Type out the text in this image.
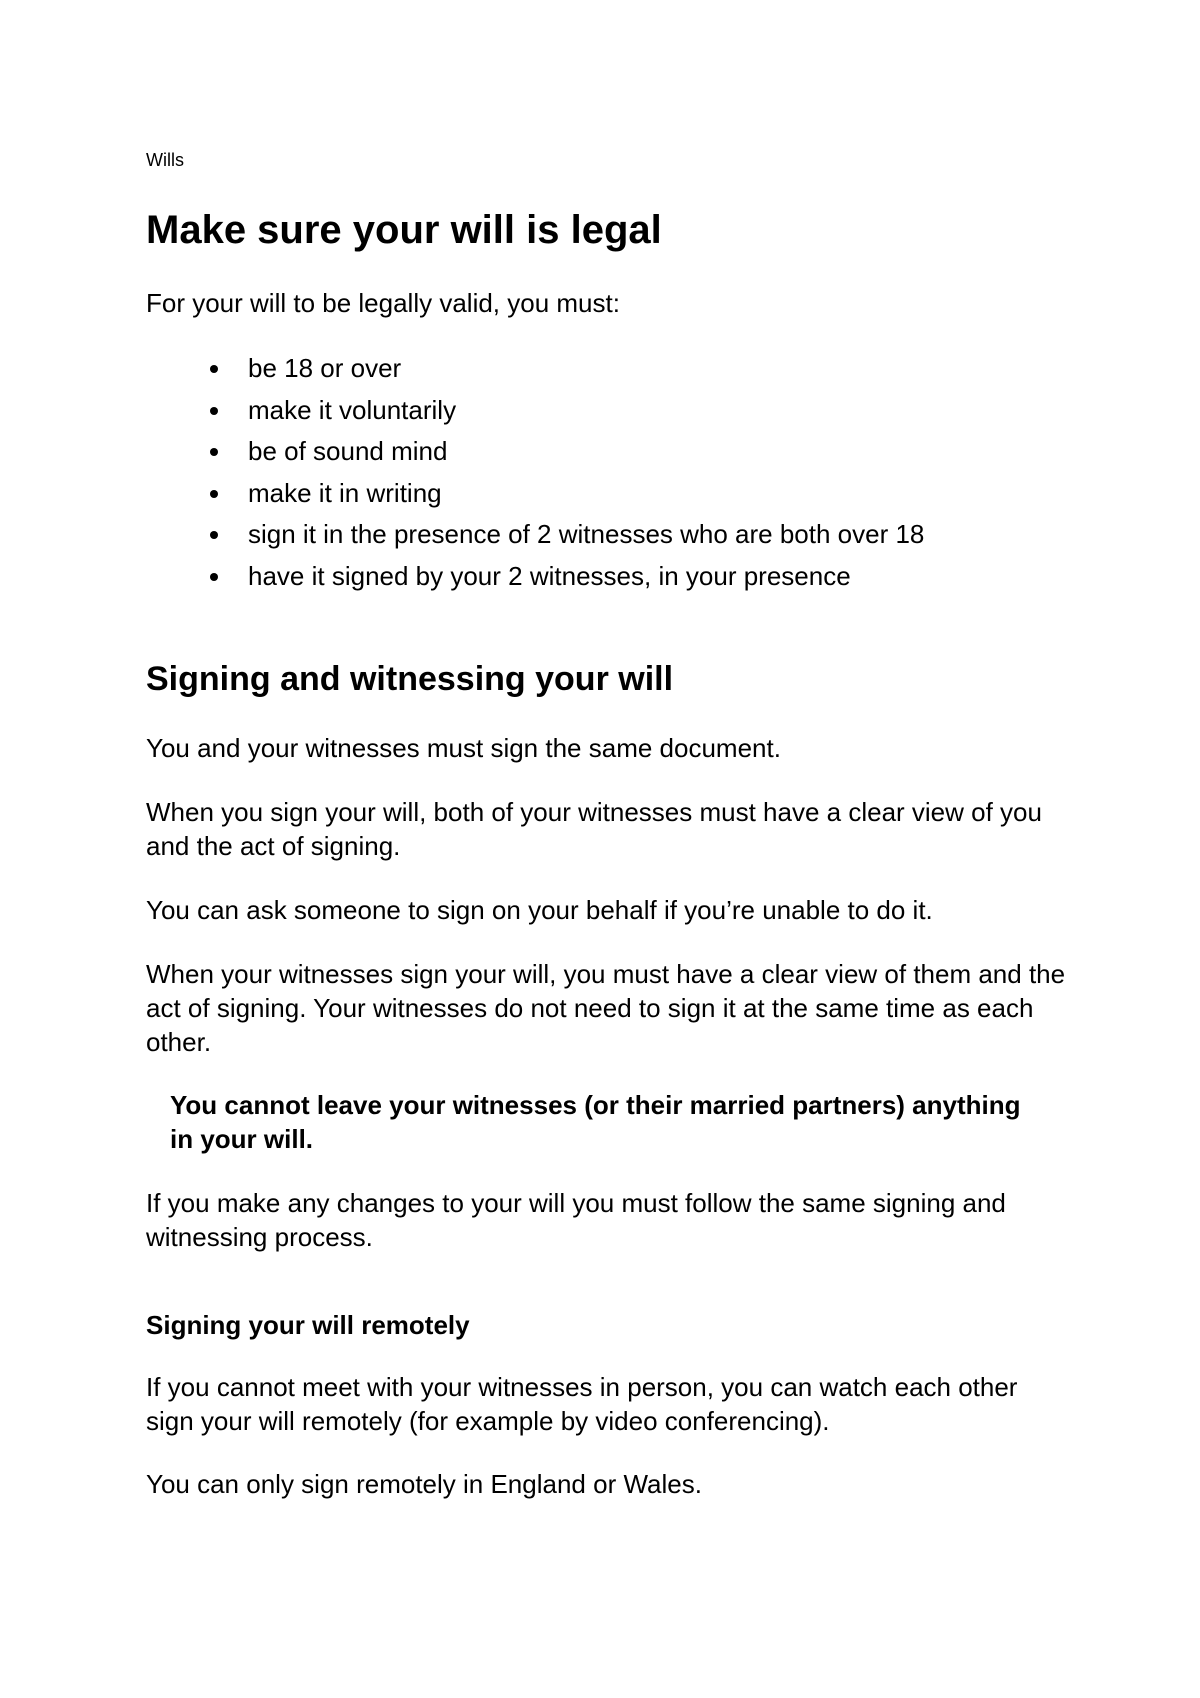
Wills
Make sure your will is legal

For your will to be legally valid, you must:

be 18 or over
make it voluntarily
be of sound mind
make it in writing
sign it in the presence of 2 witnesses who are both over 18
have it signed by your 2 witnesses, in your presence
Signing and witnessing your will

You and your witnesses must sign the same document.

When you sign your will, both of your witnesses must have a clear view of you and the act of signing.

You can ask someone to sign on your behalf if you’re unable to do it.

When your witnesses sign your will, you must have a clear view of them and the act of signing. Your witnesses do not need to sign it at the same time as each other.

You cannot leave your witnesses (or their married partners) anything in your will.

If you make any changes to your will you must follow the same signing and witnessing process.

Signing your will remotely

If you cannot meet with your witnesses in person, you can watch each other sign your will remotely (for example by video conferencing).

You can only sign remotely in England or Wales.
